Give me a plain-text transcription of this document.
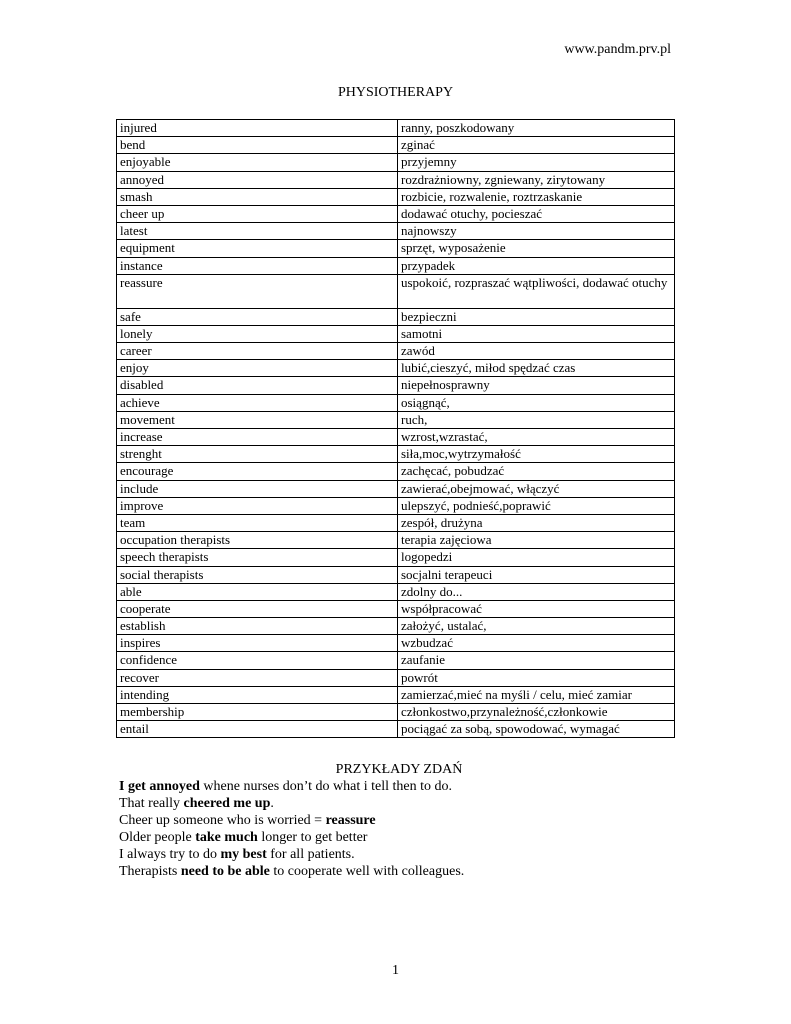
www.pandm.prv.pl
PHYSIOTHERAPY
injured	ranny, poszkodowany
bend	zginać
enjoyable	przyjemny
annoyed	rozdrażniowny, zgniewany, zirytowany
smash	rozbicie, rozwalenie, roztrzaskanie
cheer up	dodawać otuchy, pocieszać
latest	najnowszy
equipment	sprzęt, wyposażenie
instance	przypadek
reassure	uspokoić, rozpraszać wątpliwości, dodawać otuchy
safe	bezpieczni
lonely	samotni
career	zawód
enjoy	lubić,cieszyć, miłod spędzać czas
disabled	niepełnosprawny
achieve	osiągnąć,
movement	ruch,
increase	wzrost,wzrastać,
strenght	siła,moc,wytrzymałość
encourage	zachęcać, pobudzać
include	zawierać,obejmować, włączyć
improve	ulepszyć, podnieść,poprawić
team	zespół, drużyna
occupation therapists	terapia zajęciowa
speech therapists	logopedzi
social therapists	socjalni terapeuci
able	zdolny do...
cooperate	współpracować
establish	założyć, ustalać,
inspires	wzbudzać
confidence	zaufanie
recover	powrót
intending	zamierzać,mieć na myśli / celu, mieć zamiar
membership	członkostwo,przynależność,członkowie
entail	pociągać za sobą, spowodować, wymagać
PRZYKŁADY ZDAŃ

I get annoyed whene nurses don’t do what i tell then to do.

That really cheered me up.

Cheer up someone who is worried = reassure

Older people take much longer to get better

I always try to do my best for all patients.

Therapists need to be able to cooperate well with colleagues.

1
